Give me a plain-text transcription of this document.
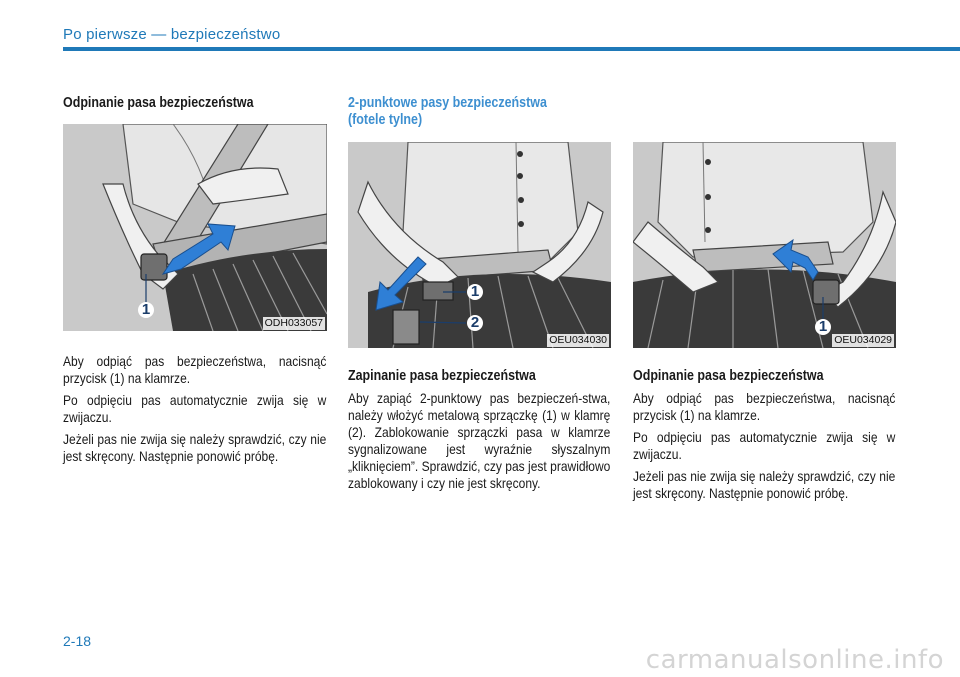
Po pierwsze — bezpieczeństwo
Odpinanie pasa bezpieczeństwa
1
ODH033057

Aby odpiąć pas bezpieczeństwa, nacisnąć przycisk (1) na klamrze.

Po odpięciu pas automatycznie zwija się w zwijaczu.

Jeżeli pas nie zwija się należy sprawdzić, czy nie jest skręcony. Następnie ponowić próbę.

2-punktowe pasy bezpieczeństwa
(fotele tylne)
1
2
OEU034030
Zapinanie pasa bezpieczeństwa

Aby zapiąć 2-punktowy pas bezpieczeń-stwa, należy włożyć metalową sprzączkę (1) w klamrę (2). Zablokowanie sprzączki pasa w klamrze sygnalizowane jest wyraźnie słyszalnym „kliknięciem”. Sprawdzić, czy pas jest prawidłowo zablokowany i czy nie jest skręcony.

1
OEU034029
Odpinanie pasa bezpieczeństwa

Aby odpiąć pas bezpieczeństwa, nacisnąć przycisk (1) na klamrze.

Po odpięciu pas automatycznie zwija się w zwijaczu.

Jeżeli pas nie zwija się należy sprawdzić, czy nie jest skręcony. Następnie ponowić próbę.

2-18
carmanualsonline.info
